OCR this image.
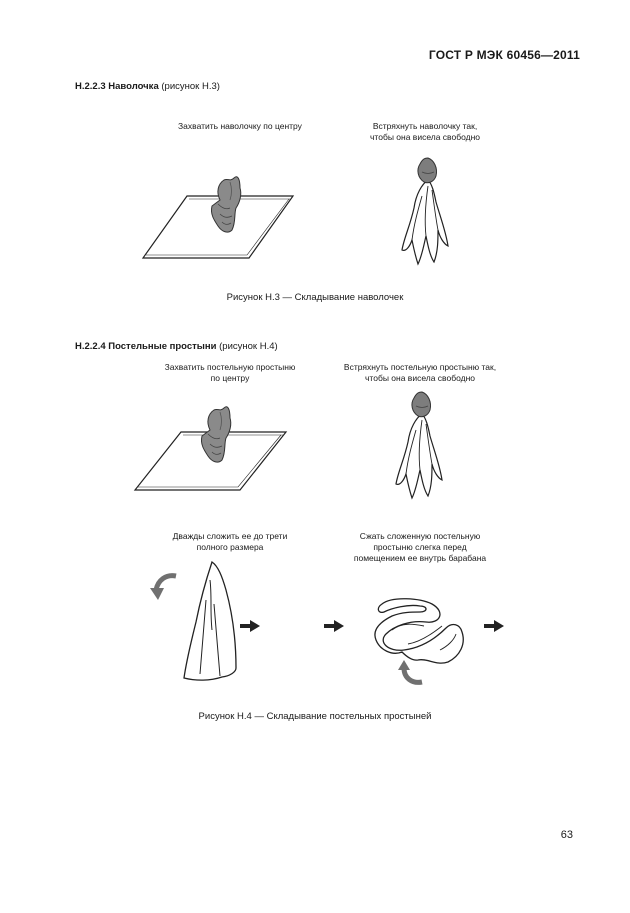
ГОСТ Р МЭК 60456—2011
Н.2.2.3 Наволочка (рисунок Н.3)
Захватить наволочку по центру	Встряхнуть наволочку так,
чтобы она висела свободно
Н.2.2.4 Постельные простыни (рисунок Н.4)
Захватить постельную простыню
по центру
Встряхнуть постельную простыню так,
чтобы она висела свободно
Дважды сложить ее до трети
полного размера
Сжать сложенную постельную
простыню слегка перед
помещением ее внутрь барабана
Рисунок Н.3 — Складывание наволочек
Рисунок Н.4 — Складывание постельных простыней
63
